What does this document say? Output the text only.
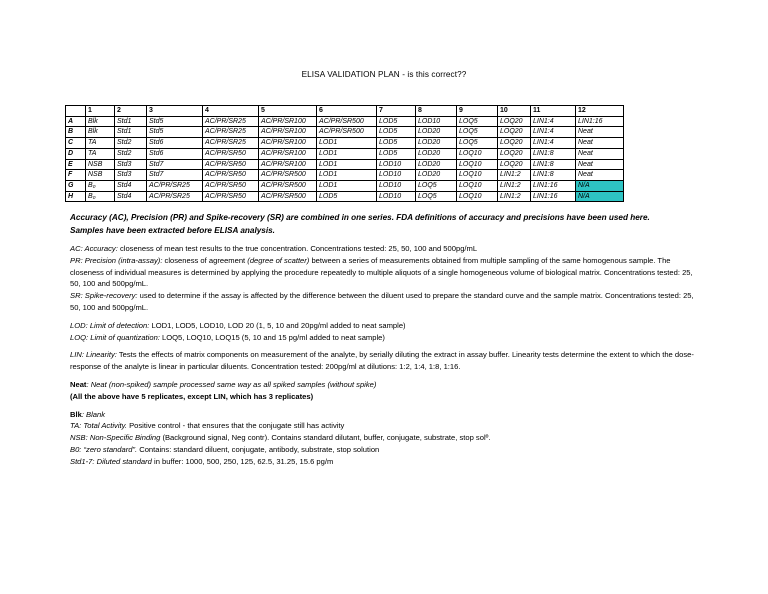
ELISA VALIDATION PLAN - is this correct??
	1	2	3	4	5	6	7	8	9	10	11	12
A	Blk	Std1	Std5	AC/PR/SR25	AC/PR/SR100	AC/PR/SR500	LOD5	LOD10	LOQ5	LOQ20	LIN1:4	LIN1:16
B	Blk	Std1	Std5	AC/PR/SR25	AC/PR/SR100	AC/PR/SR500	LOD5	LOD20	LOQ5	LOQ20	LIN1:4	Neat
C	TA	Std2	Std6	AC/PR/SR25	AC/PR/SR100	LOD1	LOD5	LOD20	LOQ5	LOQ20	LIN1:4	Neat
D	TA	Std2	Std6	AC/PR/SR50	AC/PR/SR100	LOD1	LOD5	LOD20	LOQ10	LOQ20	LIN1:8	Neat
E	NSB	Std3	Std7	AC/PR/SR50	AC/PR/SR100	LOD1	LOD10	LOD20	LOQ10	LOQ20	LIN1:8	Neat
F	NSB	Std3	Std7	AC/PR/SR50	AC/PR/SR500	LOD1	LOD10	LOD20	LOQ10	LIN1:2	LIN1:8	Neat
G	B₀	Std4	AC/PR/SR25	AC/PR/SR50	AC/PR/SR500	LOD1	LOD10	LOQ5	LOQ10	LIN1:2	LIN1:16	N/A
H	B₀	Std4	AC/PR/SR25	AC/PR/SR50	AC/PR/SR500	LOD5	LOD10	LOQ5	LOQ10	LIN1:2	LIN1:16	N/A

Accuracy (AC), Precision (PR) and Spike-recovery (SR) are combined in one series. FDA definitions of accuracy and precisions have been used here.
Samples have been extracted before ELISA analysis.

AC: Accuracy: closeness of mean test results to the true concentration. Concentrations tested: 25, 50, 100 and 500pg/mL

PR: Precision (intra-assay): closeness of agreement (degree of scatter) between a series of measurements obtained from multiple sampling of the same homogenous sample. The closeness of individual measures is determined by applying the procedure repeatedly to multiple aliquots of a single homogeneous volume of biological matrix. Concentrations tested: 25, 50, 100 and 500pg/mL.

SR: Spike-recovery: used to determine if the assay is affected by the difference between the diluent used to prepare the standard curve and the sample matrix. Concentrations tested: 25, 50, 100 and 500pg/mL.

LOD: Limit of detection: LOD1, LOD5, LOD10, LOD 20 (1, 5, 10 and 20pg/ml added to neat sample)

LOQ: Limit of quantization: LOQ5, LOQ10, LOQ15 (5, 10 and 15 pg/ml added to neat sample)

LIN: Linearity: Tests the effects of matrix components on measurement of the analyte, by serially diluting the extract in assay buffer. Linearity tests determine the extent to which the dose-response of the analyte is linear in particular diluents. Concentration tested: 200pg/ml at dilutions: 1:2, 1:4, 1:8, 1:16.

Neat: Neat (non-spiked) sample processed same way as all spiked samples (without spike)

(All the above have 5 replicates, except LIN, which has 3 replicates)

Blk: Blank

TA: Total Activity. Positive control - that ensures that the conjugate still has activity

NSB: Non-Specific Binding (Background signal, Neg contr). Contains standard dilutant, buffer, conjugate, substrate, stop solº.

B0: “zero standard”. Contains: standard diluent, conjugate, antibody, substrate, stop solution

Std1-7: Diluted standard in buffer: 1000, 500, 250, 125, 62.5, 31.25, 15.6 pg/m
